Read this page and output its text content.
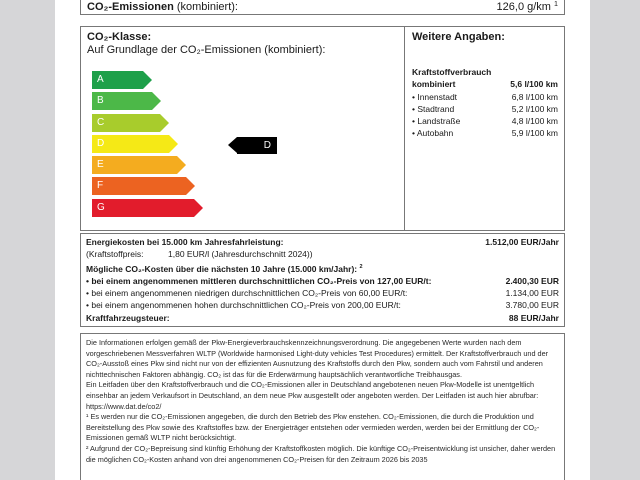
CO₂-Emissionen (kombiniert):	126,0 g/km $^1$
CO₂-Klasse:
Auf Grundlage der CO₂-Emissionen (kombiniert):
A
B
C
D
E
F
G
D
Weitere Angaben:
Kraftstoffverbrauch
kombiniert	5,6 l/100 km
• Innenstadt	6,8 l/100 km
• Stadtrand	5,2 l/100 km
• Landstraße	4,8 l/100 km
• Autobahn	5,9 l/100 km
Energiekosten bei 15.000 km Jahresfahrleistung:	1.512,00 EUR/Jahr
(Kraftstoffpreis:	1,80 EUR/l (Jahresdurchschnitt 2024))
Mögliche CO₂-Kosten über die nächsten 10 Jahre (15.000 km/Jahr): $^2$
• bei einem angenommenen mittleren durchschnittlichen CO₂-Preis von 127,00 EUR/t:	2.400,30 EUR
• bei einem angenommenen niedrigen durchschnittlichen CO₂-Preis von 60,00 EUR/t:	1.134,00 EUR
• bei einem angenommenen hohen durchschnittlichen CO₂-Preis von 200,00 EUR/t:	3.780,00 EUR
Kraftfahrzeugsteuer:	88 EUR/Jahr

Die Informationen erfolgen gemäß der Pkw-Energieverbrauchskennzeichnungsverordnung. Die angegebenen Werte wurden nach dem vorgeschriebenen Messverfahren WLTP (Worldwide harmonised Light-duty vehicles Test Procedures) ermittelt. Der Kraftstoffverbrauch und der CO₂-Ausstoß eines Pkw sind nicht nur von der effizienten Ausnutzung des Kraftstoffs durch den Pkw, sondern auch vom Fahrstil und anderen nichttechnischen Faktoren abhängig. CO₂ ist das für die Erderwärmung hauptsächlich verantwortliche Treibhausgas.

Ein Leitfaden über den Kraftstoffverbrauch und die CO₂-Emissionen aller in Deutschland angebotenen neuen Pkw-Modelle ist unentgeltlich einsehbar an jedem Verkaufsort in Deutschland, an dem neue Pkw ausgestellt oder angeboten werden. Der Leitfaden ist auch hier abrufbar: https://www.dat.de/co2/

¹ Es werden nur die CO₂-Emissionen angegeben, die durch den Betrieb des Pkw enstehen. CO₂-Emissionen, die durch die Produktion und Bereitstellung des Pkw sowie des Kraftstoffes bzw. der Energieträger entstehen oder vermieden werden, werden bei der Ermittlung der CO₂-Emissionen gemäß WLTP nicht berücksichtigt.

² Aufgrund der CO₂-Bepreisung sind künftig Erhöhung der Kraftstoffkosten möglich. Die künftige CO₂-Preisentwicklung ist unsicher, daher werden die möglichen CO₂-Kosten anhand von drei angenommenen CO₂-Preisen für den Zeitraum 2026 bis 2035
